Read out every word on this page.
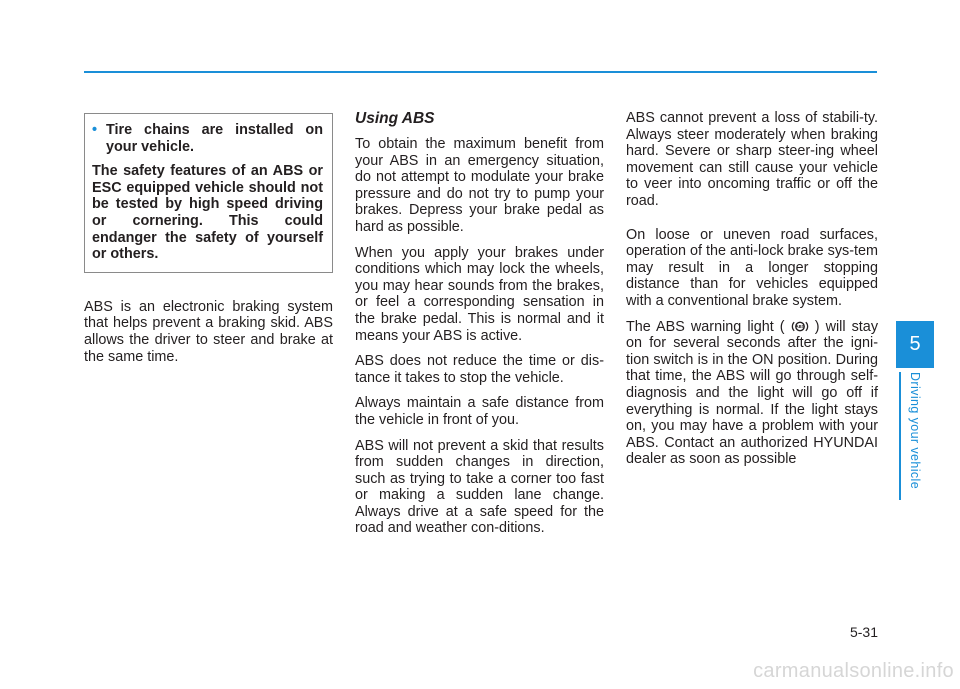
• Tire chains are installed on your vehicle.
The safety features of an ABS or ESC equipped vehicle should not be tested by high speed driving or cornering. This could endanger the safety of yourself or others.

ABS is an electronic braking system that helps prevent a braking skid. ABS allows the driver to steer and brake at the same time.

Using ABS

To obtain the maximum benefit from your ABS in an emergency situation, do not attempt to modulate your brake pressure and do not try to pump your brakes. Depress your brake pedal as hard as possible.

When you apply your brakes under conditions which may lock the wheels, you may hear sounds from the brakes, or feel a corresponding sensation in the brake pedal. This is normal and it means your ABS is active.

ABS does not reduce the time or dis-tance it takes to stop the vehicle.

Always maintain a safe distance from the vehicle in front of you.

ABS will not prevent a skid that results from sudden changes in direction, such as trying to take a corner too fast or making a sudden lane change. Always drive at a safe speed for the road and weather con-ditions.

ABS cannot prevent a loss of stabili-ty. Always steer moderately when braking hard. Severe or sharp steer-ing wheel movement can still cause your vehicle to veer into oncoming traffic or off the road.

On loose or uneven road surfaces, operation of the anti-lock brake sys-tem may result in a longer stopping distance than for vehicles equipped with a conventional brake system.

The ABS warning light (	ABS ) will stay on for several seconds after the igni-tion switch is in the ON position. During that time, the ABS will go through self-diagnosis and the light will go off if everything is normal. If the light stays on, you may have a problem with your ABS. Contact an authorized HYUNDAI dealer as soon as possible

5
Driving your vehicle
5-31
carmanualsonline.info
